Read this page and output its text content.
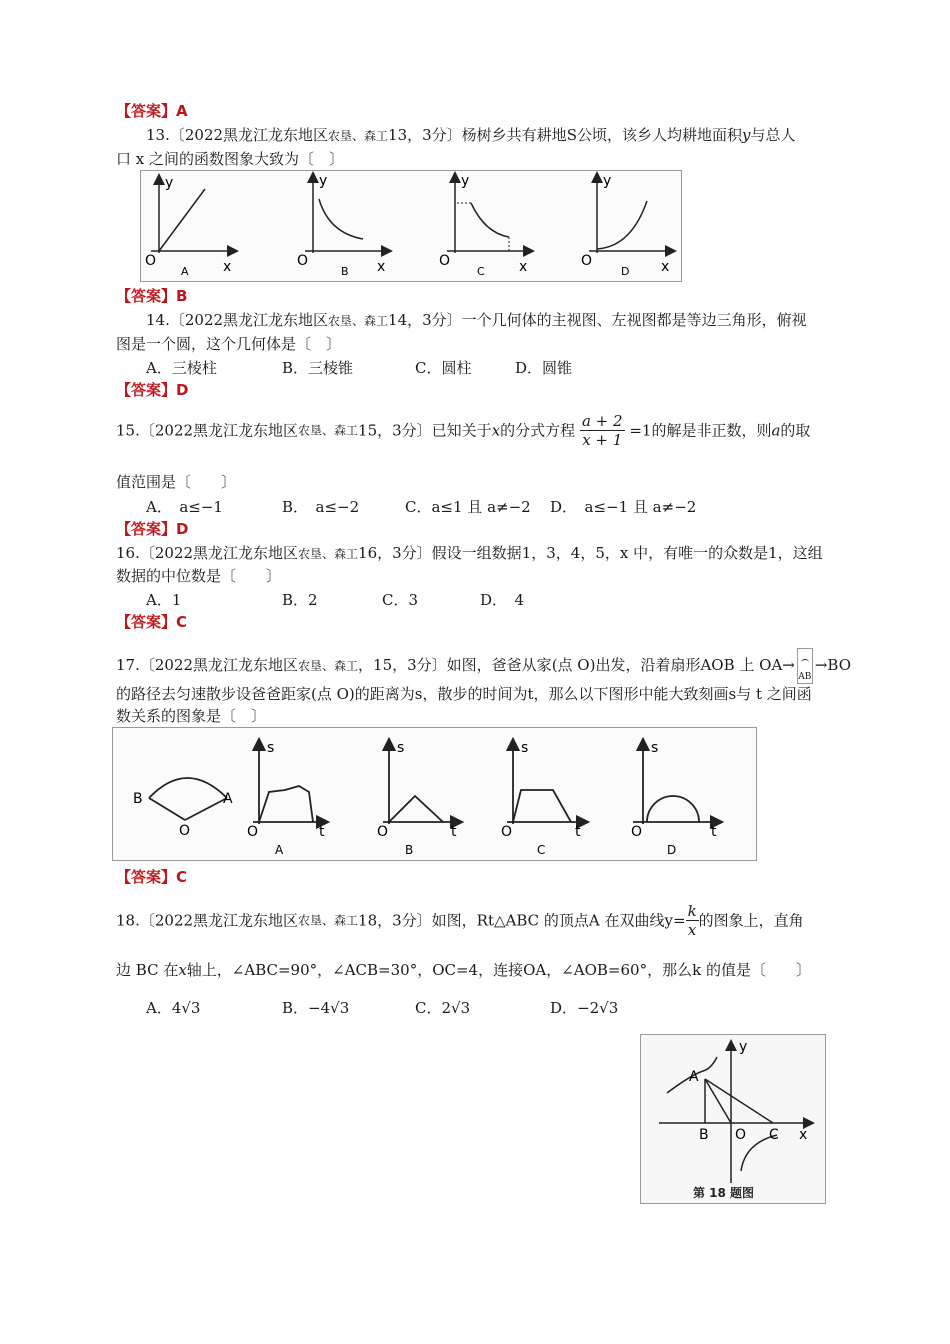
【答案】A
13.〔2022黑龙江龙东地区农垦、森工13，3分〕杨树乡共有耕地S公顷，该乡人均耕地面积y与总人
口 x 之间的函数图象大致为〔　〕
y
O	x
A
y
O	x
B
y
O	x
C
y
O	x
D
【答案】B
14.〔2022黑龙江龙东地区农垦、森工14，3分〕一个几何体的主视图、左视图都是等边三角形，俯视
图是一个圆，这个几何体是〔　〕
A．三棱柱	B．三棱锥	C．圆柱	D．圆锥
【答案】D
15.〔2022黑龙江龙东地区农垦、森工15，3分〕已知关于x的分式方程 $\frac{a + 2}{x + 1} =1$的解是非正数，则a的取
值范围是〔　　〕
A．　a≤−1	B．　a≤−2	C．a≤1 且 a≠−2 D．　a≤−1 且 a≠−2
【答案】D
16.〔2022黑龙江龙东地区农垦、森工16，3分〕假设一组数据1，3，4，5，x 中，有唯一的众数是1，这组
数据的中位数是〔　　〕
A．1	B．2	C．3	D．　4
【答案】C
17.〔2022黑龙江龙东地区农垦、森工，15，3分〕如图，爸爸从家(点 O)出发，沿着扇形AOB 上 OA→
AB
→BO
的路径去匀速散步设爸爸距家(点 O)的距离为s，散步的时间为t，那么以下图形中能大致刻画s与 t 之间函
数关系的图象是〔　〕
B	A
O
s
O	t
A
s
O	t
B
s
O	t
C
s
O	t
D
【答案】C
18.〔2022黑龙江龙东地区农垦、森工18，3分〕如图，Rt△ABC 的顶点A 在双曲线$y= \frac{k}{x}$ 的图象上，直角
边 BC 在x轴上，∠ABC=90°，∠ACB=30°，OC=4，连接OA，∠AOB=60°，那么k 的值是〔　　〕
A．4√3	B．−4√3	C．2√3	D．−2√3
y
x
A
B O C
第 18 题图
